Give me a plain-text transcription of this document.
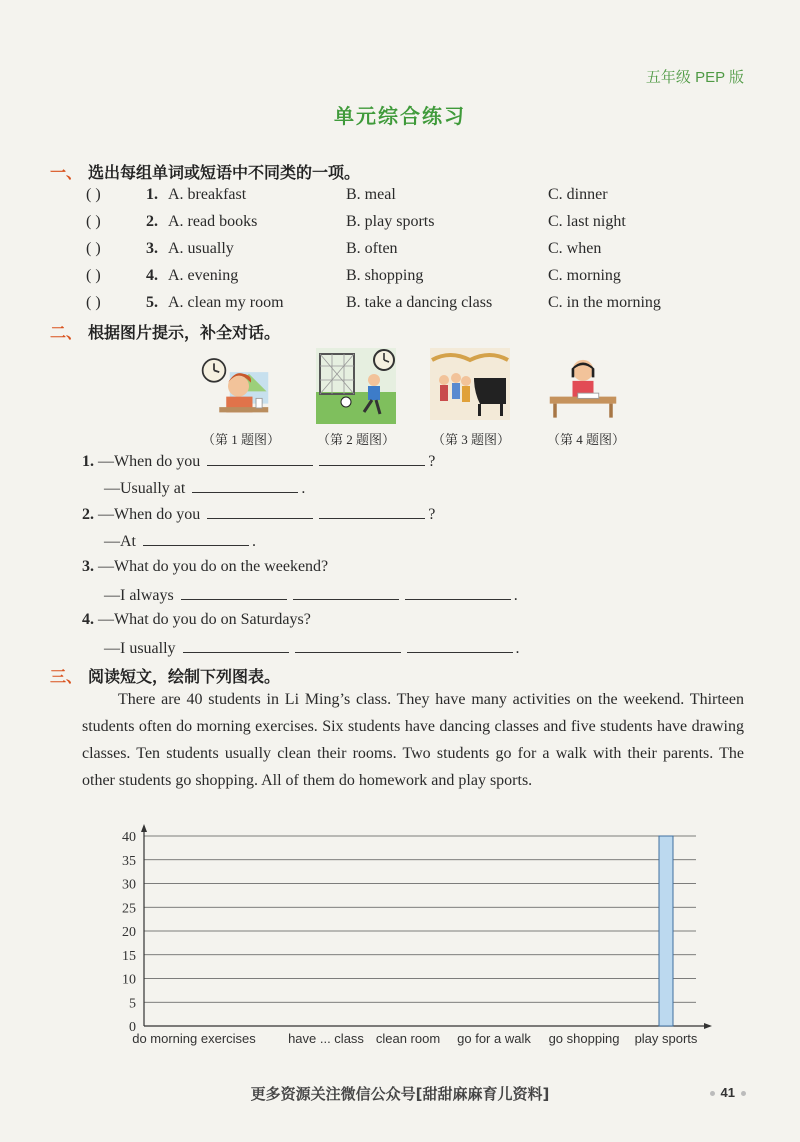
五年级 PEP 版
单元综合练习
一、 选出每组单词或短语中不同类的一项。
( )	1. A. breakfast	B. meal	C. dinner
( )	2. A. read books	B. play sports	C. last night
( )	3. A. usually	B. often	C. when
( )	4. A. evening	B. shopping	C. morning
( )	5. A. clean my room	B. take a dancing class	C. in the morning
二、 根据图片提示，补全对话。
（第 1 题图）	（第 2 题图）	（第 3 题图）	（第 4 题图）
1. —When do you	?
—Usually at	.
2. —When do you	?
—At	.
3. —What do you do on the weekend?
—I always	.
4. —What do you do on Saturdays?
—I usually	.
三、 阅读短文，绘制下列图表。

There are 40 students in Li Ming’s class. They have many activities on the weekend. Thirteen students often do morning exercises. Six students have dancing classes and five students have drawing classes. Ten students usually clean their rooms. Two students go for a walk with their parents. The other students go shopping. All of them do homework and play sports.

0
5
10
15
20
25
30
35
40
do morning exercises have ... class clean room go for a walk go shopping play sports
更多资源关注微信公众号[甜甜麻麻育儿资料]	41
